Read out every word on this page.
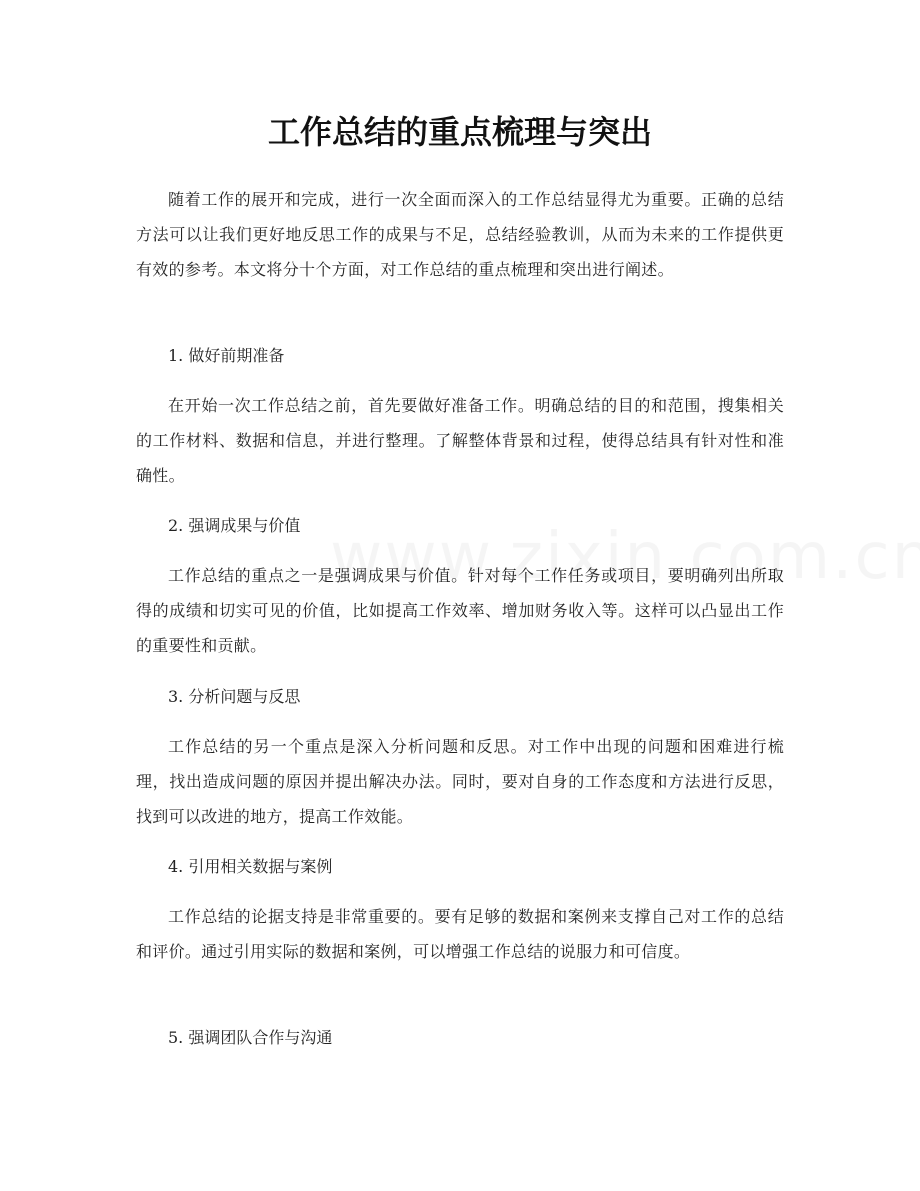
工作总结的重点梳理与突出

随着工作的展开和完成，进行一次全面而深入的工作总结显得尤为重要。正确的总结方法可以让我们更好地反思工作的成果与不足，总结经验教训，从而为未来的工作提供更有效的参考。本文将分十个方面，对工作总结的重点梳理和突出进行阐述。

1. 做好前期准备

在开始一次工作总结之前，首先要做好准备工作。明确总结的目的和范围，搜集相关的工作材料、数据和信息，并进行整理。了解整体背景和过程，使得总结具有针对性和准确性。

2. 强调成果与价值

工作总结的重点之一是强调成果与价值。针对每个工作任务或项目，要明确列出所取得的成绩和切实可见的价值，比如提高工作效率、增加财务收入等。这样可以凸显出工作的重要性和贡献。

3. 分析问题与反思

工作总结的另一个重点是深入分析问题和反思。对工作中出现的问题和困难进行梳理，找出造成问题的原因并提出解决办法。同时，要对自身的工作态度和方法进行反思，找到可以改进的地方，提高工作效能。

4. 引用相关数据与案例

工作总结的论据支持是非常重要的。要有足够的数据和案例来支撑自己对工作的总结和评价。通过引用实际的数据和案例，可以增强工作总结的说服力和可信度。

5. 强调团队合作与沟通
